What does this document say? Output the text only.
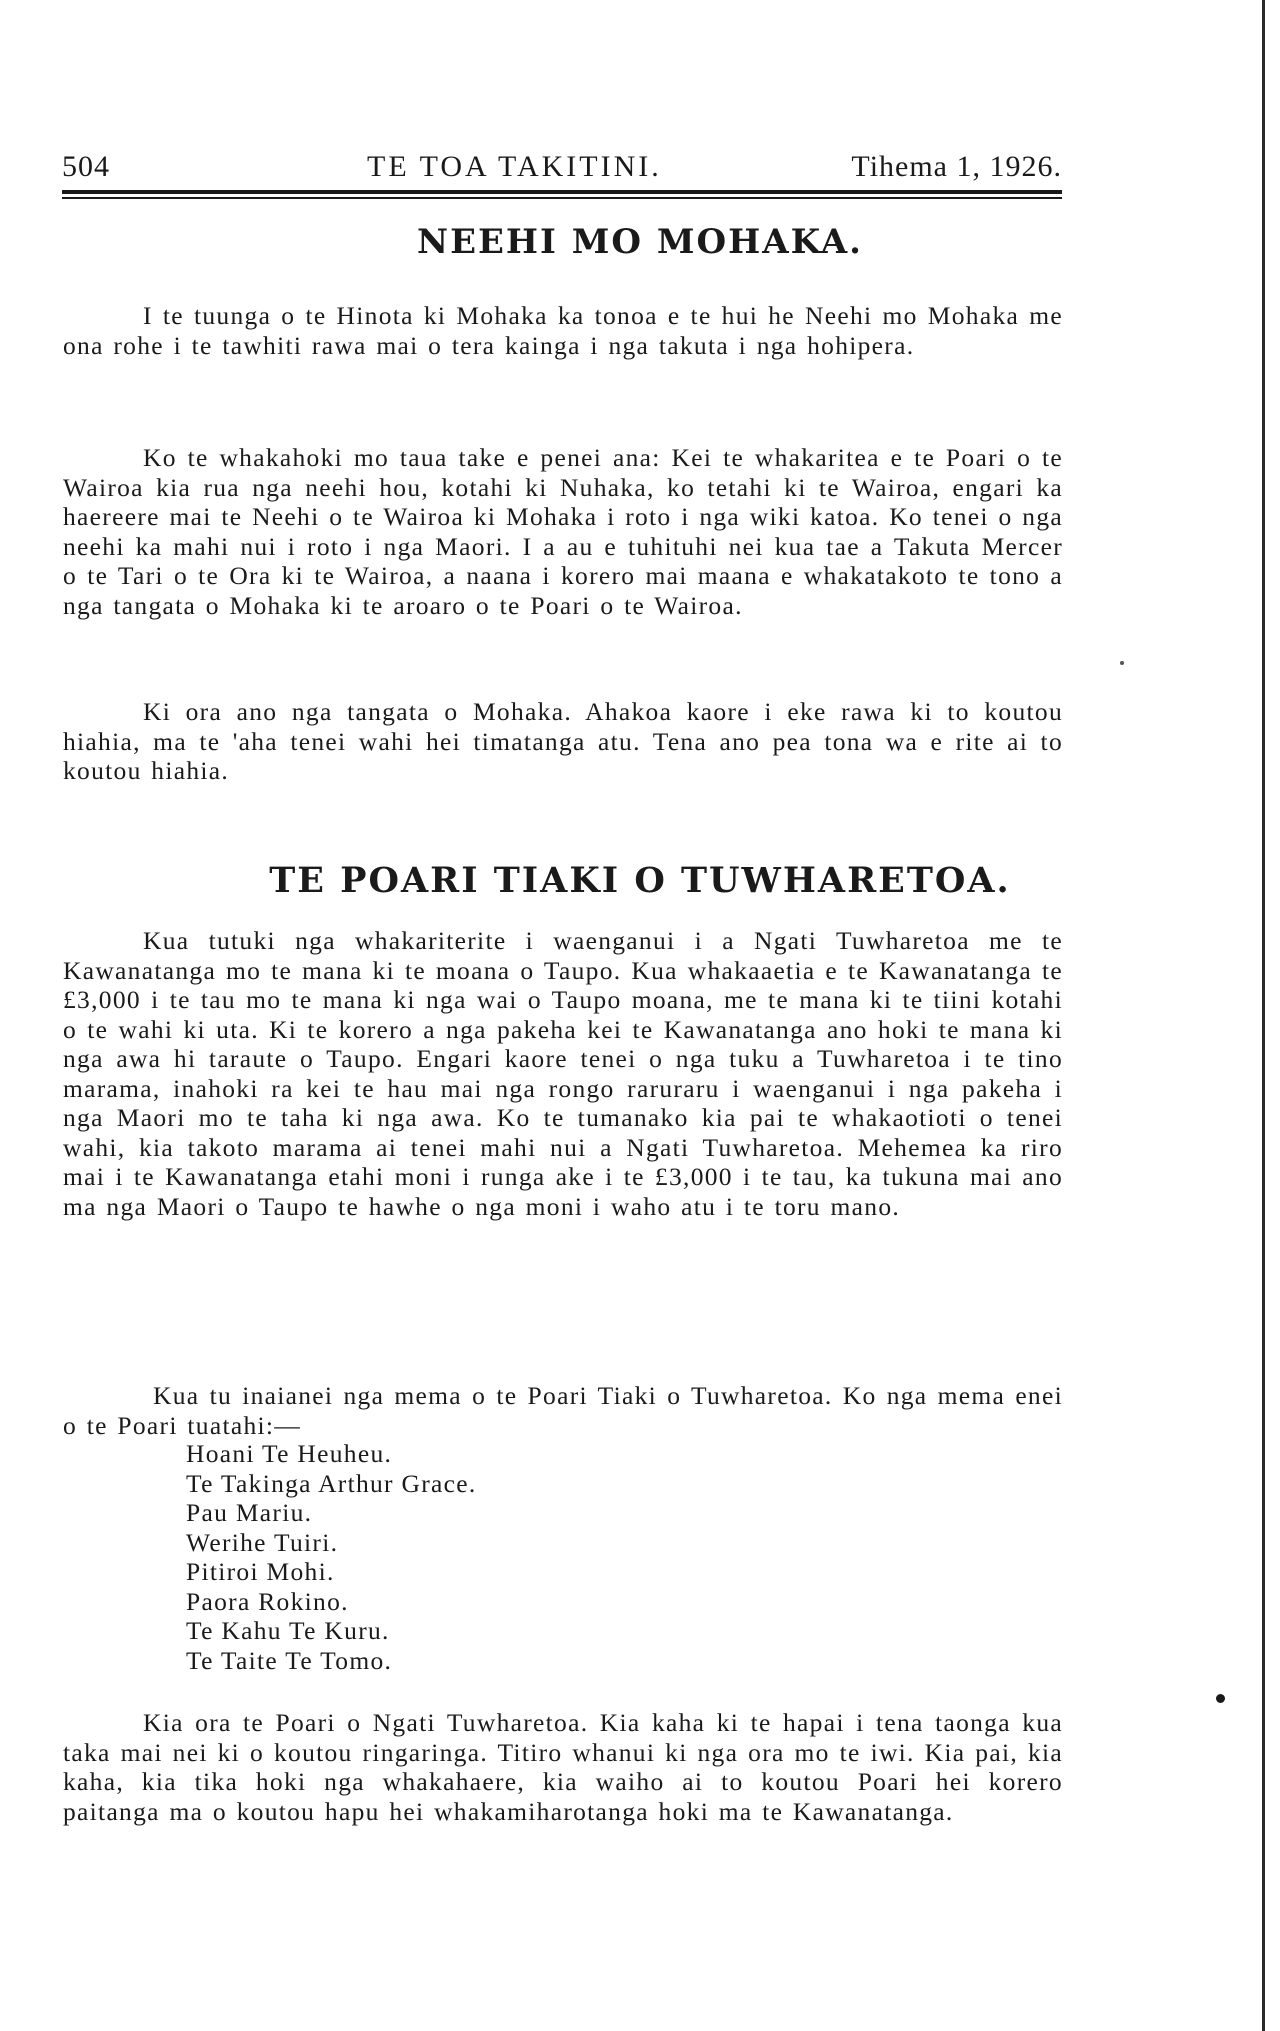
504	TE TOA TAKITINI.	Tihema 1, 1926.
NEEHI MO MOHAKA.

I te tuunga o te Hinota ki Mohaka ka tonoa e te hui he Neehi mo Mohaka me ona rohe i te tawhiti rawa mai o tera kainga i nga takuta i nga hohipera.

Ko te whakahoki mo taua take e penei ana: Kei te whakaritea e te Poari o te Wairoa kia rua nga neehi hou, kotahi ki Nuhaka, ko tetahi ki te Wairoa, engari ka haereere mai te Neehi o te Wairoa ki Mohaka i roto i nga wiki katoa. Ko tenei o nga neehi ka mahi nui i roto i nga Maori. I a au e tuhituhi nei kua tae a Takuta Mercer o te Tari o te Ora ki te Wairoa, a naana i korero mai maana e whakatakoto te tono a nga tangata o Mohaka ki te aroaro o te Poari o te Wairoa.

Ki ora ano nga tangata o Mohaka. Ahakoa kaore i eke rawa ki to koutou hiahia, ma te 'aha tenei wahi hei timatanga atu. Tena ano pea tona wa e rite ai to koutou hiahia.

TE POARI TIAKI O TUWHARETOA.

Kua tutuki nga whakariterite i waenganui i a Ngati Tuwharetoa me te Kawanatanga mo te mana ki te moana o Taupo. Kua whakaaetia e te Kawanatanga te £3,000 i te tau mo te mana ki nga wai o Taupo moana, me te mana ki te tiini kotahi o te wahi ki uta. Ki te korero a nga pakeha kei te Kawanatanga ano hoki te mana ki nga awa hi taraute o Taupo. Engari kaore tenei o nga tuku a Tuwharetoa i te tino marama, inahoki ra kei te hau mai nga rongo raruraru i waenganui i nga pakeha i nga Maori mo te taha ki nga awa. Ko te tumanako kia pai te whakaotioti o tenei wahi, kia takoto marama ai tenei mahi nui a Ngati Tuwharetoa. Mehemea ka riro mai i te Kawanatanga etahi moni i runga ake i te £3,000 i te tau, ka tukuna mai ano ma nga Maori o Taupo te hawhe o nga moni i waho atu i te toru mano.

Kua tu inaianei nga mema o te Poari Tiaki o Tuwharetoa. Ko nga mema enei o te Poari tuatahi:—

Hoani Te Heuheu.
Te Takinga Arthur Grace.
Pau Mariu.
Werihe Tuiri.
Pitiroi Mohi.
Paora Rokino.
Te Kahu Te Kuru.
Te Taite Te Tomo.

Kia ora te Poari o Ngati Tuwharetoa. Kia kaha ki te hapai i tena taonga kua taka mai nei ki o koutou ringaringa. Titiro whanui ki nga ora mo te iwi. Kia pai, kia kaha, kia tika hoki nga whakahaere, kia waiho ai to koutou Poari hei korero paitanga ma o koutou hapu hei whakamiharotanga hoki ma te Kawanatanga.
